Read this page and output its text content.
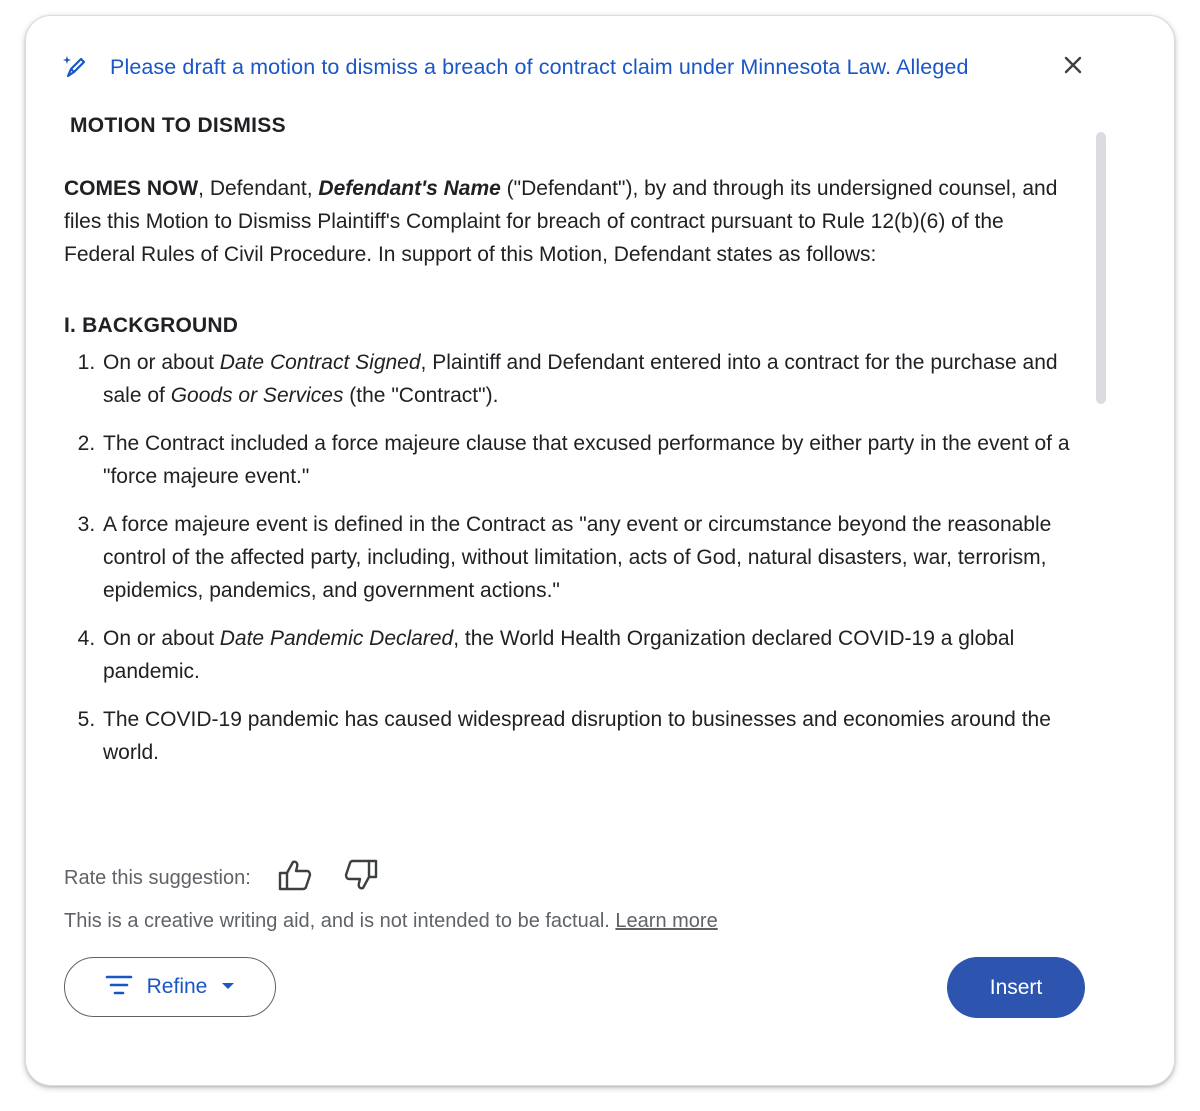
Please draft a motion to dismiss a breach of contract claim under Minnesota Law. Alleged
MOTION TO DISMISS

COMES NOW, Defendant, Defendant's Name ("Defendant"), by and through its undersigned counsel, and files this Motion to Dismiss Plaintiff's Complaint for breach of contract pursuant to Rule 12(b)(6) of the Federal Rules of Civil Procedure. In support of this Motion, Defendant states as follows:

I. BACKGROUND
1. On or about Date Contract Signed, Plaintiff and Defendant entered into a contract for the purchase and sale of Goods or Services (the "Contract").
2. The Contract included a force majeure clause that excused performance by either party in the event of a "force majeure event."
3. A force majeure event is defined in the Contract as "any event or circumstance beyond the reasonable control of the affected party, including, without limitation, acts of God, natural disasters, war, terrorism, epidemics, pandemics, and government actions."
4. On or about Date Pandemic Declared, the World Health Organization declared COVID-19 a global pandemic.
5. The COVID-19 pandemic has caused widespread disruption to businesses and economies around the world.
Rate this suggestion:
This is a creative writing aid, and is not intended to be factual. Learn more
Refine	Insert
